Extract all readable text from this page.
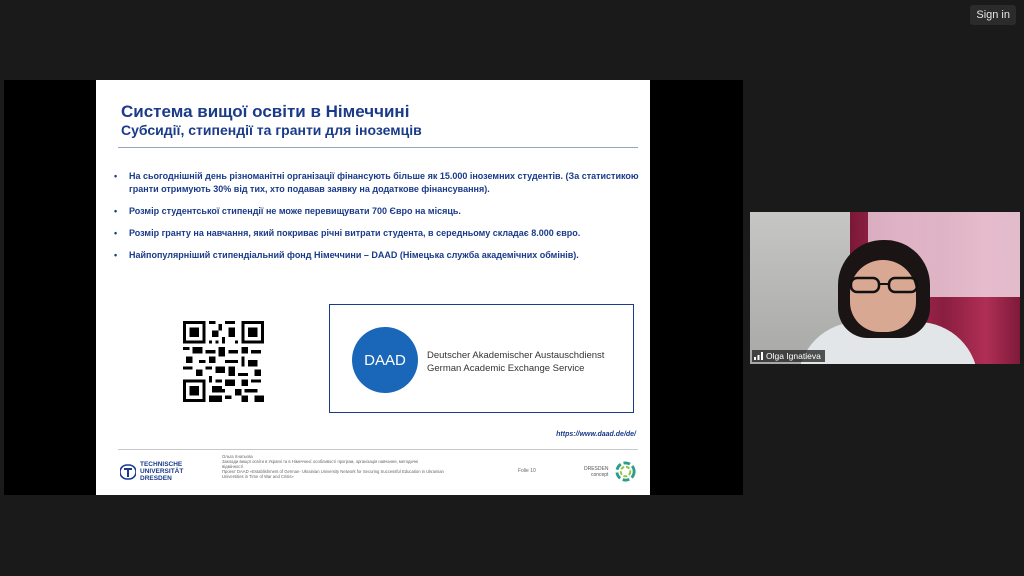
Sign in
Система вищої освіти в Німеччині
Субсидії, стипендії та гранти для іноземців
• На сьогоднішній день різноманітні організації фінансують більше як 15.000 іноземних студентів. (За статистикою гранти отримують 30% від тих, хто подавав заявку на додаткове фінансування).
• Розмір студентської стипендії не може перевищувати 700 Євро на місяць.
• Розмір гранту на навчання, який покриває річні витрати студента, в середньому складає 8.000 євро.
• Найпопулярніший стипендіальний фонд Німеччини – DAAD (Німецька служба академічних обмінів).
DAAD	Deutscher Akademischer Austauschdienst
German Academic Exchange Service
https://www.daad.de/de/
TECHNISCHE
UNIVERSITÄT
DRESDEN
Ольга Ігнатьєва
Заклади вищої освіти в Україні та в Німеччині: особливості програм, організація навчання, методичні
відмінності
Проект DAAD «Establishment of German- Ukrainian University Network for Securing Successful Education in Ukrainian
Universities in Time of War and Crisis»
Folie 10	DRESDEN
concept
Olga Ignatieva
